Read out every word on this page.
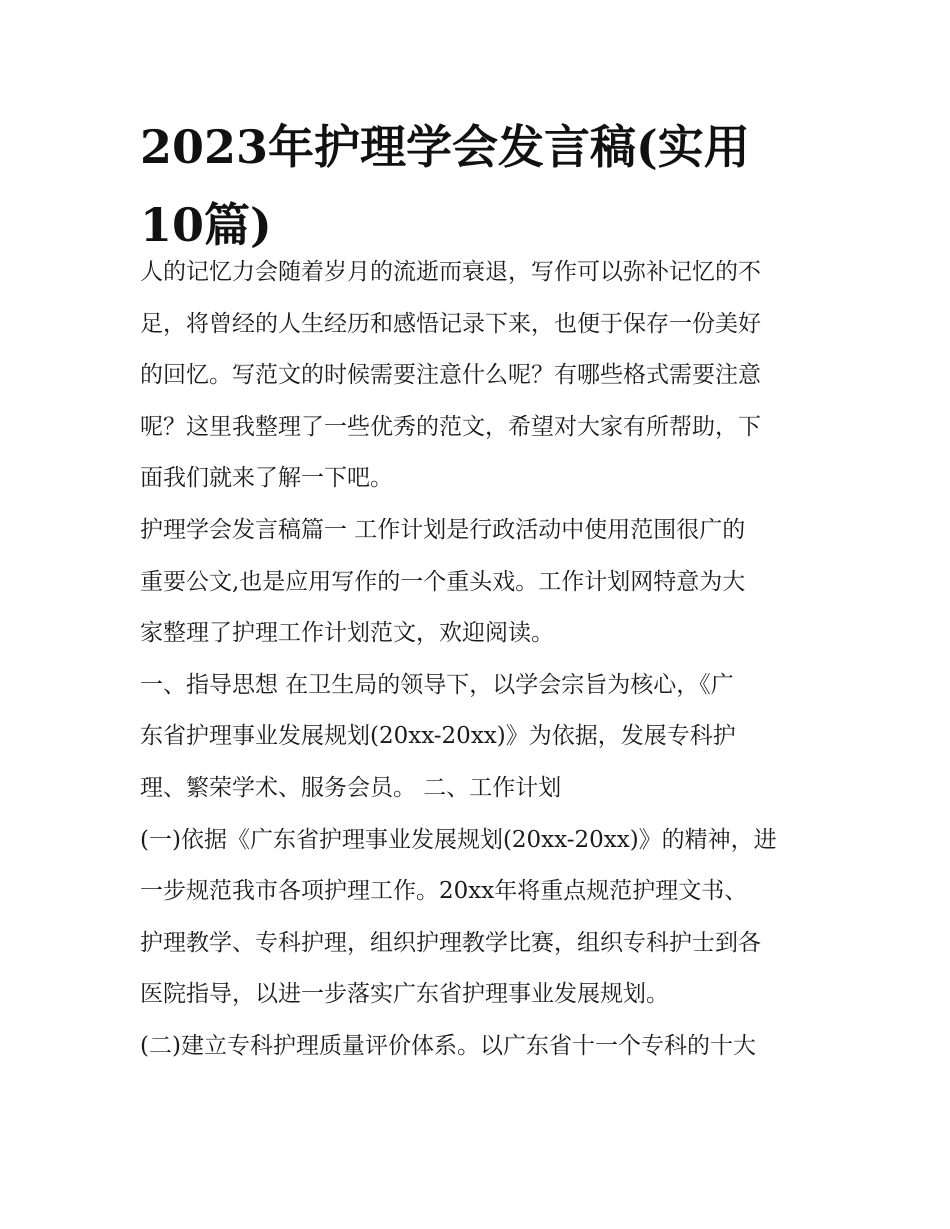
2023年护理学会发言稿(实用
10篇)
人的记忆力会随着岁月的流逝而衰退，写作可以弥补记忆的不
足，将曾经的人生经历和感悟记录下来，也便于保存一份美好
的回忆。写范文的时候需要注意什么呢？有哪些格式需要注意
呢？这里我整理了一些优秀的范文，希望对大家有所帮助，下
面我们就来了解一下吧。
护理学会发言稿篇一 工作计划是行政活动中使用范围很广的
重要公文,也是应用写作的一个重头戏。工作计划网特意为大
家整理了护理工作计划范文，欢迎阅读。
一、指导思想 在卫生局的领导下，以学会宗旨为核心，《广
东省护理事业发展规划(20xx-20xx)》为依据，发展专科护
理、繁荣学术、服务会员。 二、工作计划
(一)依据《广东省护理事业发展规划(20xx-20xx)》的精神，进
一步规范我市各项护理工作。20xx年将重点规范护理文书、
护理教学、专科护理，组织护理教学比赛，组织专科护士到各
医院指导，以进一步落实广东省护理事业发展规划。
(二)建立专科护理质量评价体系。以广东省十一个专科的十大
